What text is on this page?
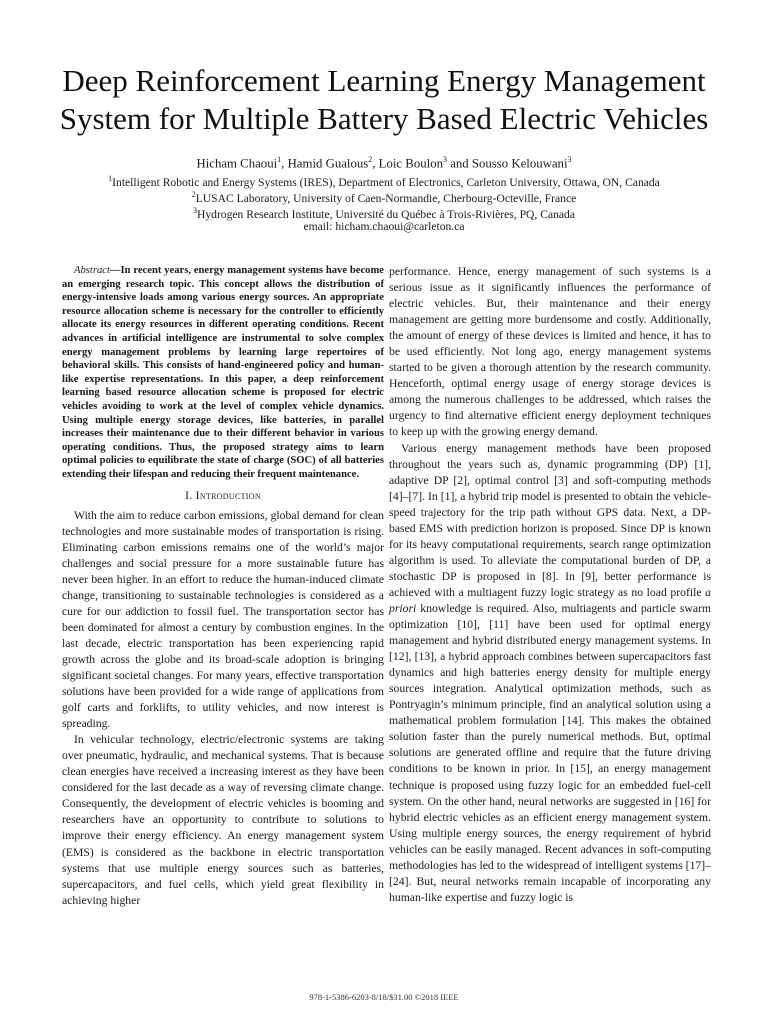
Deep Reinforcement Learning Energy Management
System for Multiple Battery Based Electric Vehicles
Hicham Chaoui$^1$, Hamid Gualous$^2$, Loic Boulon$^3$ and Sousso Kelouwani$^3$
$^1$Intelligent Robotic and Energy Systems (IRES), Department of Electronics, Carleton University, Ottawa, ON, Canada
$^2$LUSAC Laboratory, University of Caen-Normandie, Cherbourg-Octeville, France
$^3$Hydrogen Research Institute, Université du Québec à Trois-Rivières, PQ, Canada
email: hicham.chaoui@carleton.ca

Abstract—In recent years, energy management systems have become an emerging research topic. This concept allows the distribution of energy-intensive loads among various energy sources. An appropriate resource allocation scheme is necessary for the controller to efficiently allocate its energy resources in different operating conditions. Recent advances in artificial intelligence are instrumental to solve complex energy management problems by learning large repertoires of behavioral skills. This consists of hand-engineered policy and human-like expertise representations. In this paper, a deep reinforcement learning based resource allocation scheme is proposed for electric vehicles avoiding to work at the level of complex vehicle dynamics. Using multiple energy storage devices, like batteries, in parallel increases their maintenance due to their different behavior in various operating conditions. Thus, the proposed strategy aims to learn optimal policies to equilibrate the state of charge (SOC) of all batteries extending their lifespan and reducing their frequent maintenance.

I. Introduction

With the aim to reduce carbon emissions, global demand for clean technologies and more sustainable modes of transportation is rising. Eliminating carbon emissions remains one of the world’s major challenges and social pressure for a more sustainable future has never been higher. In an effort to reduce the human-induced climate change, transitioning to sustainable technologies is considered as a cure for our addiction to fossil fuel. The transportation sector has been dominated for almost a century by combustion engines. In the last decade, electric transportation has been experiencing rapid growth across the globe and its broad-scale adoption is bringing significant societal changes. For many years, effective transportation solutions have been provided for a wide range of applications from golf carts and forklifts, to utility vehicles, and now interest is spreading.

In vehicular technology, electric/electronic systems are taking over pneumatic, hydraulic, and mechanical systems. That is because clean energies have received a increasing interest as they have been considered for the last decade as a way of reversing climate change. Consequently, the development of electric vehicles is booming and researchers have an opportunity to contribute to solutions to improve their energy efficiency. An energy management system (EMS) is considered as the backbone in electric transportation systems that use multiple energy sources such as batteries, supercapacitors, and fuel cells, which yield great flexibility in achieving higher

performance. Hence, energy management of such systems is a serious issue as it significantly influences the performance of electric vehicles. But, their maintenance and their energy management are getting more burdensome and costly. Additionally, the amount of energy of these devices is limited and hence, it has to be used efficiently. Not long ago, energy management systems started to be given a thorough attention by the research community. Henceforth, optimal energy usage of energy storage devices is among the numerous challenges to be addressed, which raises the urgency to find alternative efficient energy deployment techniques to keep up with the growing energy demand.

Various energy management methods have been proposed throughout the years such as, dynamic programming (DP) [1], adaptive DP [2], optimal control [3] and soft-computing methods [4]–[7]. In [1], a hybrid trip model is presented to obtain the vehicle-speed trajectory for the trip path without GPS data. Next, a DP-based EMS with prediction horizon is proposed. Since DP is known for its heavy computational requirements, search range optimization algorithm is used. To alleviate the computational burden of DP, a stochastic DP is proposed in [8]. In [9], better performance is achieved with a multiagent fuzzy logic strategy as no load profile a priori knowledge is required. Also, multiagents and particle swarm optimization [10], [11] have been used for optimal energy management and hybrid distributed energy management systems. In [12], [13], a hybrid approach combines between supercapacitors fast dynamics and high batteries energy density for multiple energy sources integration. Analytical optimization methods, such as Pontryagin’s minimum principle, find an analytical solution using a mathematical problem formulation [14]. This makes the obtained solution faster than the purely numerical methods. But, optimal solutions are generated offline and require that the future driving conditions to be known in prior. In [15], an energy management technique is proposed using fuzzy logic for an embedded fuel-cell system. On the other hand, neural networks are suggested in [16] for hybrid electric vehicles as an efficient energy management system. Using multiple energy sources, the energy requirement of hybrid vehicles can be easily managed. Recent advances in soft-computing methodologies has led to the widespread of intelligent systems [17]–[24]. But, neural networks remain incapable of incorporating any human-like expertise and fuzzy logic is

978-1-5386-6203-8/18/$31.00 ©2018 IEEE
